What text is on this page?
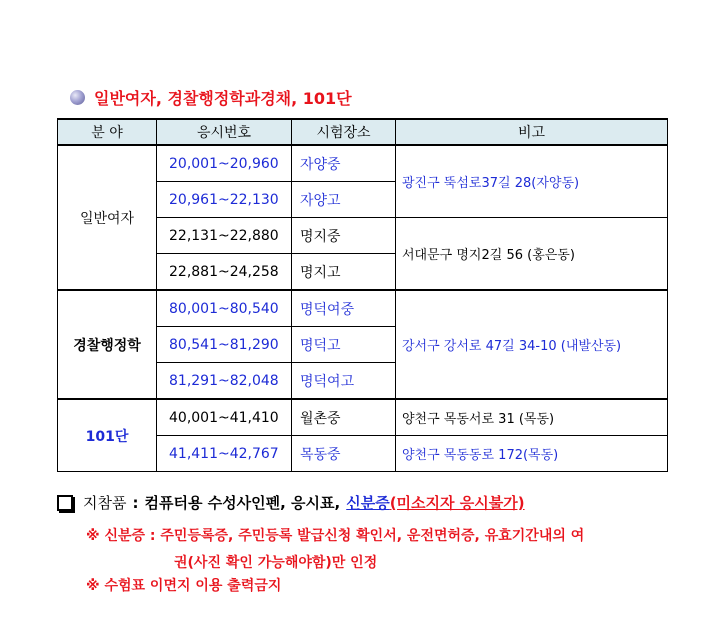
일반여자, 경찰행정학과경채, 101단
분 야	응시번호	시험장소	비고
일반여자	20,001~20,960	자양중	광진구 뚝섬로37길 28(자양동)
	20,961~22,130	자양고	
	22,131~22,880	명지중	서대문구 명지2길 56 (홍은동)
	22,881~24,258	명지고	
경찰행정학	80,001~80,540	명덕여중	강서구 강서로 47길 34-10 (내발산동)
	80,541~81,290	명덕고	
	81,291~82,048	명덕여고	
101단	40,001~41,410	월촌중	양천구 목동서로 31 (목동)
	41,411~42,767	목동중	양천구 목동동로 172(목동)
지참품 : 컴퓨터용 수성사인펜, 응시표, 신분증 (미소지자 응시불가)
※ 신분증 : 주민등록증, 주민등록 발급신청 확인서, 운전면허증, 유효기간내의 여
권(사진 확인 가능해야함)만 인정
※ 수험표 이면지 이용 출력금지
